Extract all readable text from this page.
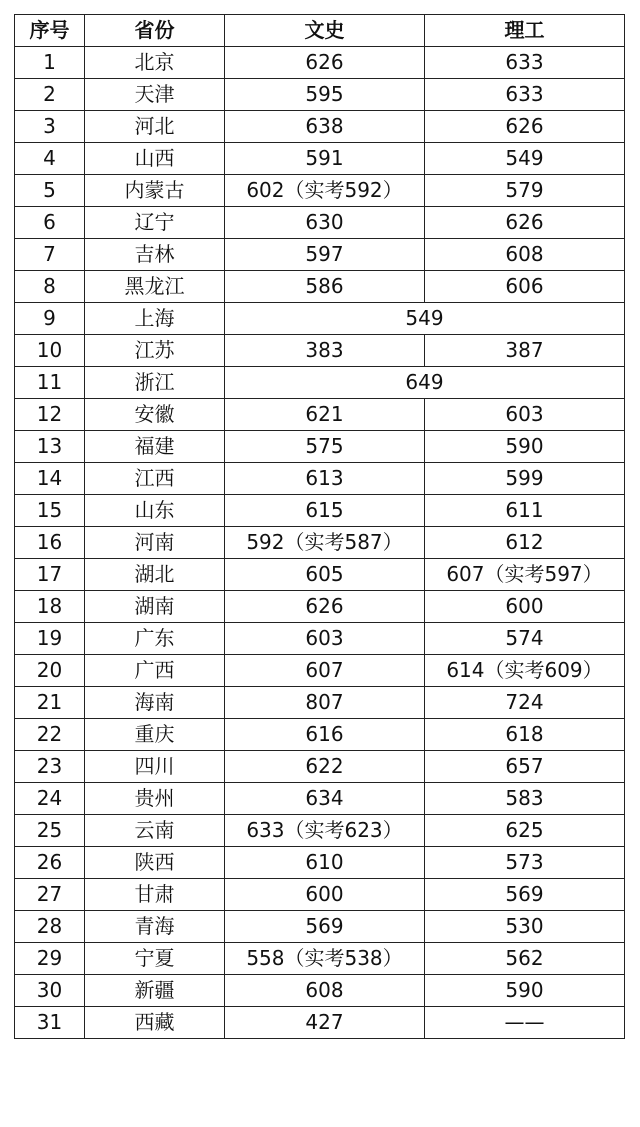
序号	省份	文史	理工
1	北京	626	633
2	天津	595	633
3	河北	638	626
4	山西	591	549
5	内蒙古	602（实考592）	579
6	辽宁	630	626
7	吉林	597	608
8	黑龙江	586	606
9	上海	549	
10	江苏	383	387
11	浙江	649	
12	安徽	621	603
13	福建	575	590
14	江西	613	599
15	山东	615	611
16	河南	592（实考587）	612
17	湖北	605	607（实考597）
18	湖南	626	600
19	广东	603	574
20	广西	607	614（实考609）
21	海南	807	724
22	重庆	616	618
23	四川	622	657
24	贵州	634	583
25	云南	633（实考623）	625
26	陕西	610	573
27	甘肃	600	569
28	青海	569	530
29	宁夏	558（实考538）	562
30	新疆	608	590
31	西藏	427	——
